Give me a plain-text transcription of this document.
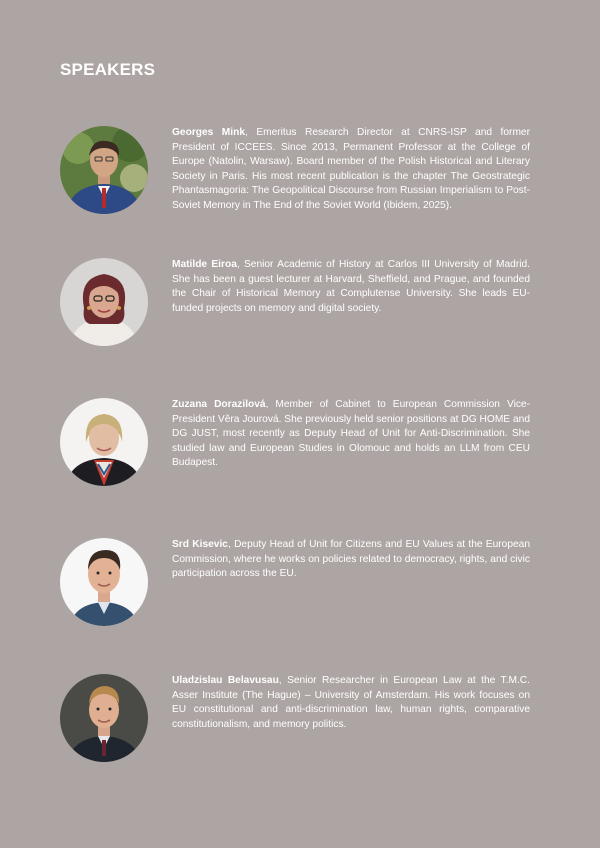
SPEAKERS

Georges Mink, Emeritus Research Director at CNRS-ISP and former President of ICCEES. Since 2013, Permanent Professor at the College of Europe (Natolin, Warsaw). Board member of the Polish Historical and Literary Society in Paris. His most recent publication is the chapter The Geostrategic Phantasmagoria: The Geopolitical Discourse from Russian Imperialism to Post-Soviet Memory in The End of the Soviet World (Ibidem, 2025).

Matilde Eiroa, Senior Academic of History at Carlos III University of Madrid. She has been a guest lecturer at Harvard, Sheffield, and Prague, and founded the Chair of Historical Memory at Complutense University. She leads EU-funded projects on memory and digital society.

Zuzana Dorazilová, Member of Cabinet to European Commission Vice-President Věra Jourová. She previously held senior positions at DG HOME and DG JUST, most recently as Deputy Head of Unit for Anti-Discrimination. She studied law and European Studies in Olomouc and holds an LLM from CEU Budapest.

Srd Kisevic, Deputy Head of Unit for Citizens and EU Values at the European Commission, where he works on policies related to democracy, rights, and civic participation across the EU.

Uladzislau Belavusau, Senior Researcher in European Law at the T.M.C. Asser Institute (The Hague) – University of Amsterdam. His work focuses on EU constitutional and anti-discrimination law, human rights, comparative constitutionalism, and memory politics.
